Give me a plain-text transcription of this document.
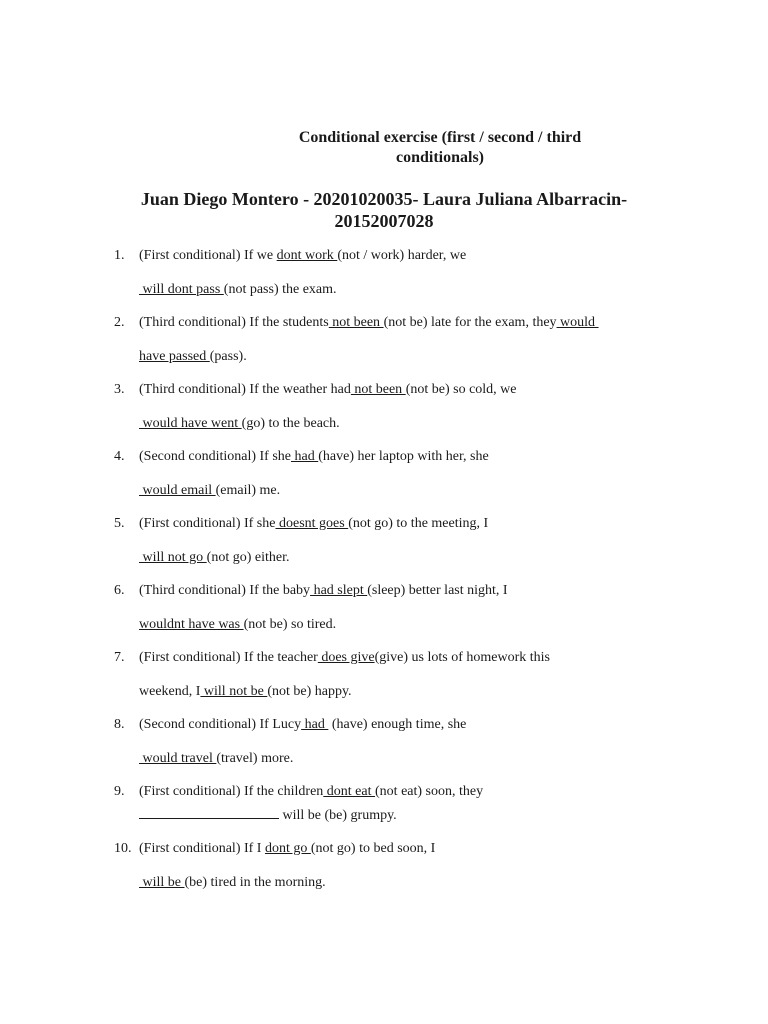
Conditional exercise (first / second / third
conditionals)
Juan Diego Montero - 20201020035- Laura Juliana Albarracin-
20152007028
1.	(First conditional) If we dont work (not / work) harder, we
will dont pass (not pass) the exam.
2.	(Third conditional) If the students not been (not be) late for the exam, they would
have passed (pass).
3.	(Third conditional) If the weather had not been (not be) so cold, we
would have went (go) to the beach.
4.	(Second conditional) If she had (have) her laptop with her, she
would email (email) me.
5.	(First conditional) If she doesnt goes (not go) to the meeting, I
will not go (not go) either.
6.	(Third conditional) If the baby had slept (sleep) better last night, I
wouldnt have was (not be) so tired.
7.	(First conditional) If the teacher does give(give) us lots of homework this
weekend, I will not be (not be) happy.
8.	(Second conditional) If Lucy had  (have) enough time, she
would travel (travel) more.
9.	(First conditional) If the children dont eat (not eat) soon, they
will be (be) grumpy.
10. (First conditional) If I dont go (not go) to bed soon, I
will be (be) tired in the morning.
